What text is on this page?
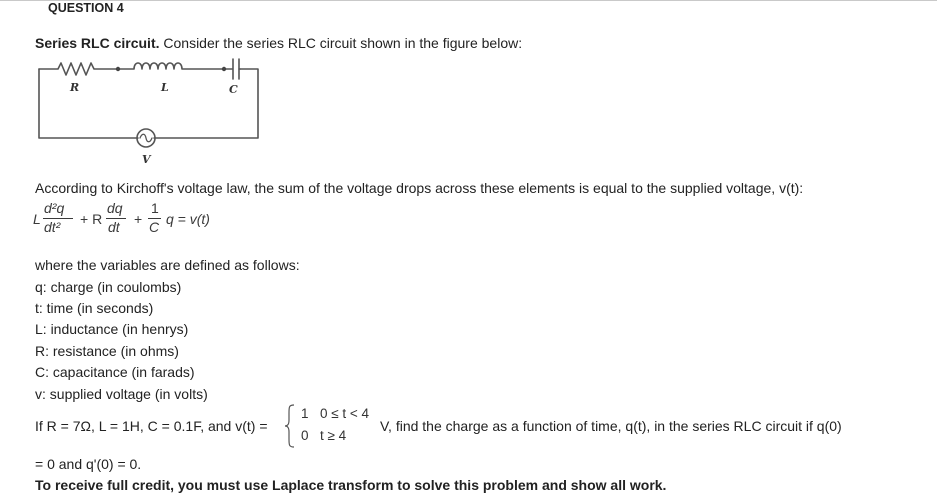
QUESTION 4
Series RLC circuit. Consider the series RLC circuit shown in the figure below:
R	L	C
V
According to Kirchoff's voltage law, the sum of the voltage drops across these elements is equal to the supplied voltage, v(t):
L
d²q
dt² + R
dq
dt +
1
C q = v(t)
where the variables are defined as follows:
q: charge (in coulombs)
t: time (in seconds)
L: inductance (in henrys)
R: resistance (in ohms)
C: capacitance (in farads)
v: supplied voltage (in volts)
If R = 7Ω, L = 1H, C = 0.1F, and v(t) =
1 0 ≤ t < 4
0 t ≥ 4
V, find the charge as a function of time, q(t), in the series RLC circuit if q(0)
= 0 and q'(0) = 0.
To receive full credit, you must use Laplace transform to solve this problem and show all work.
